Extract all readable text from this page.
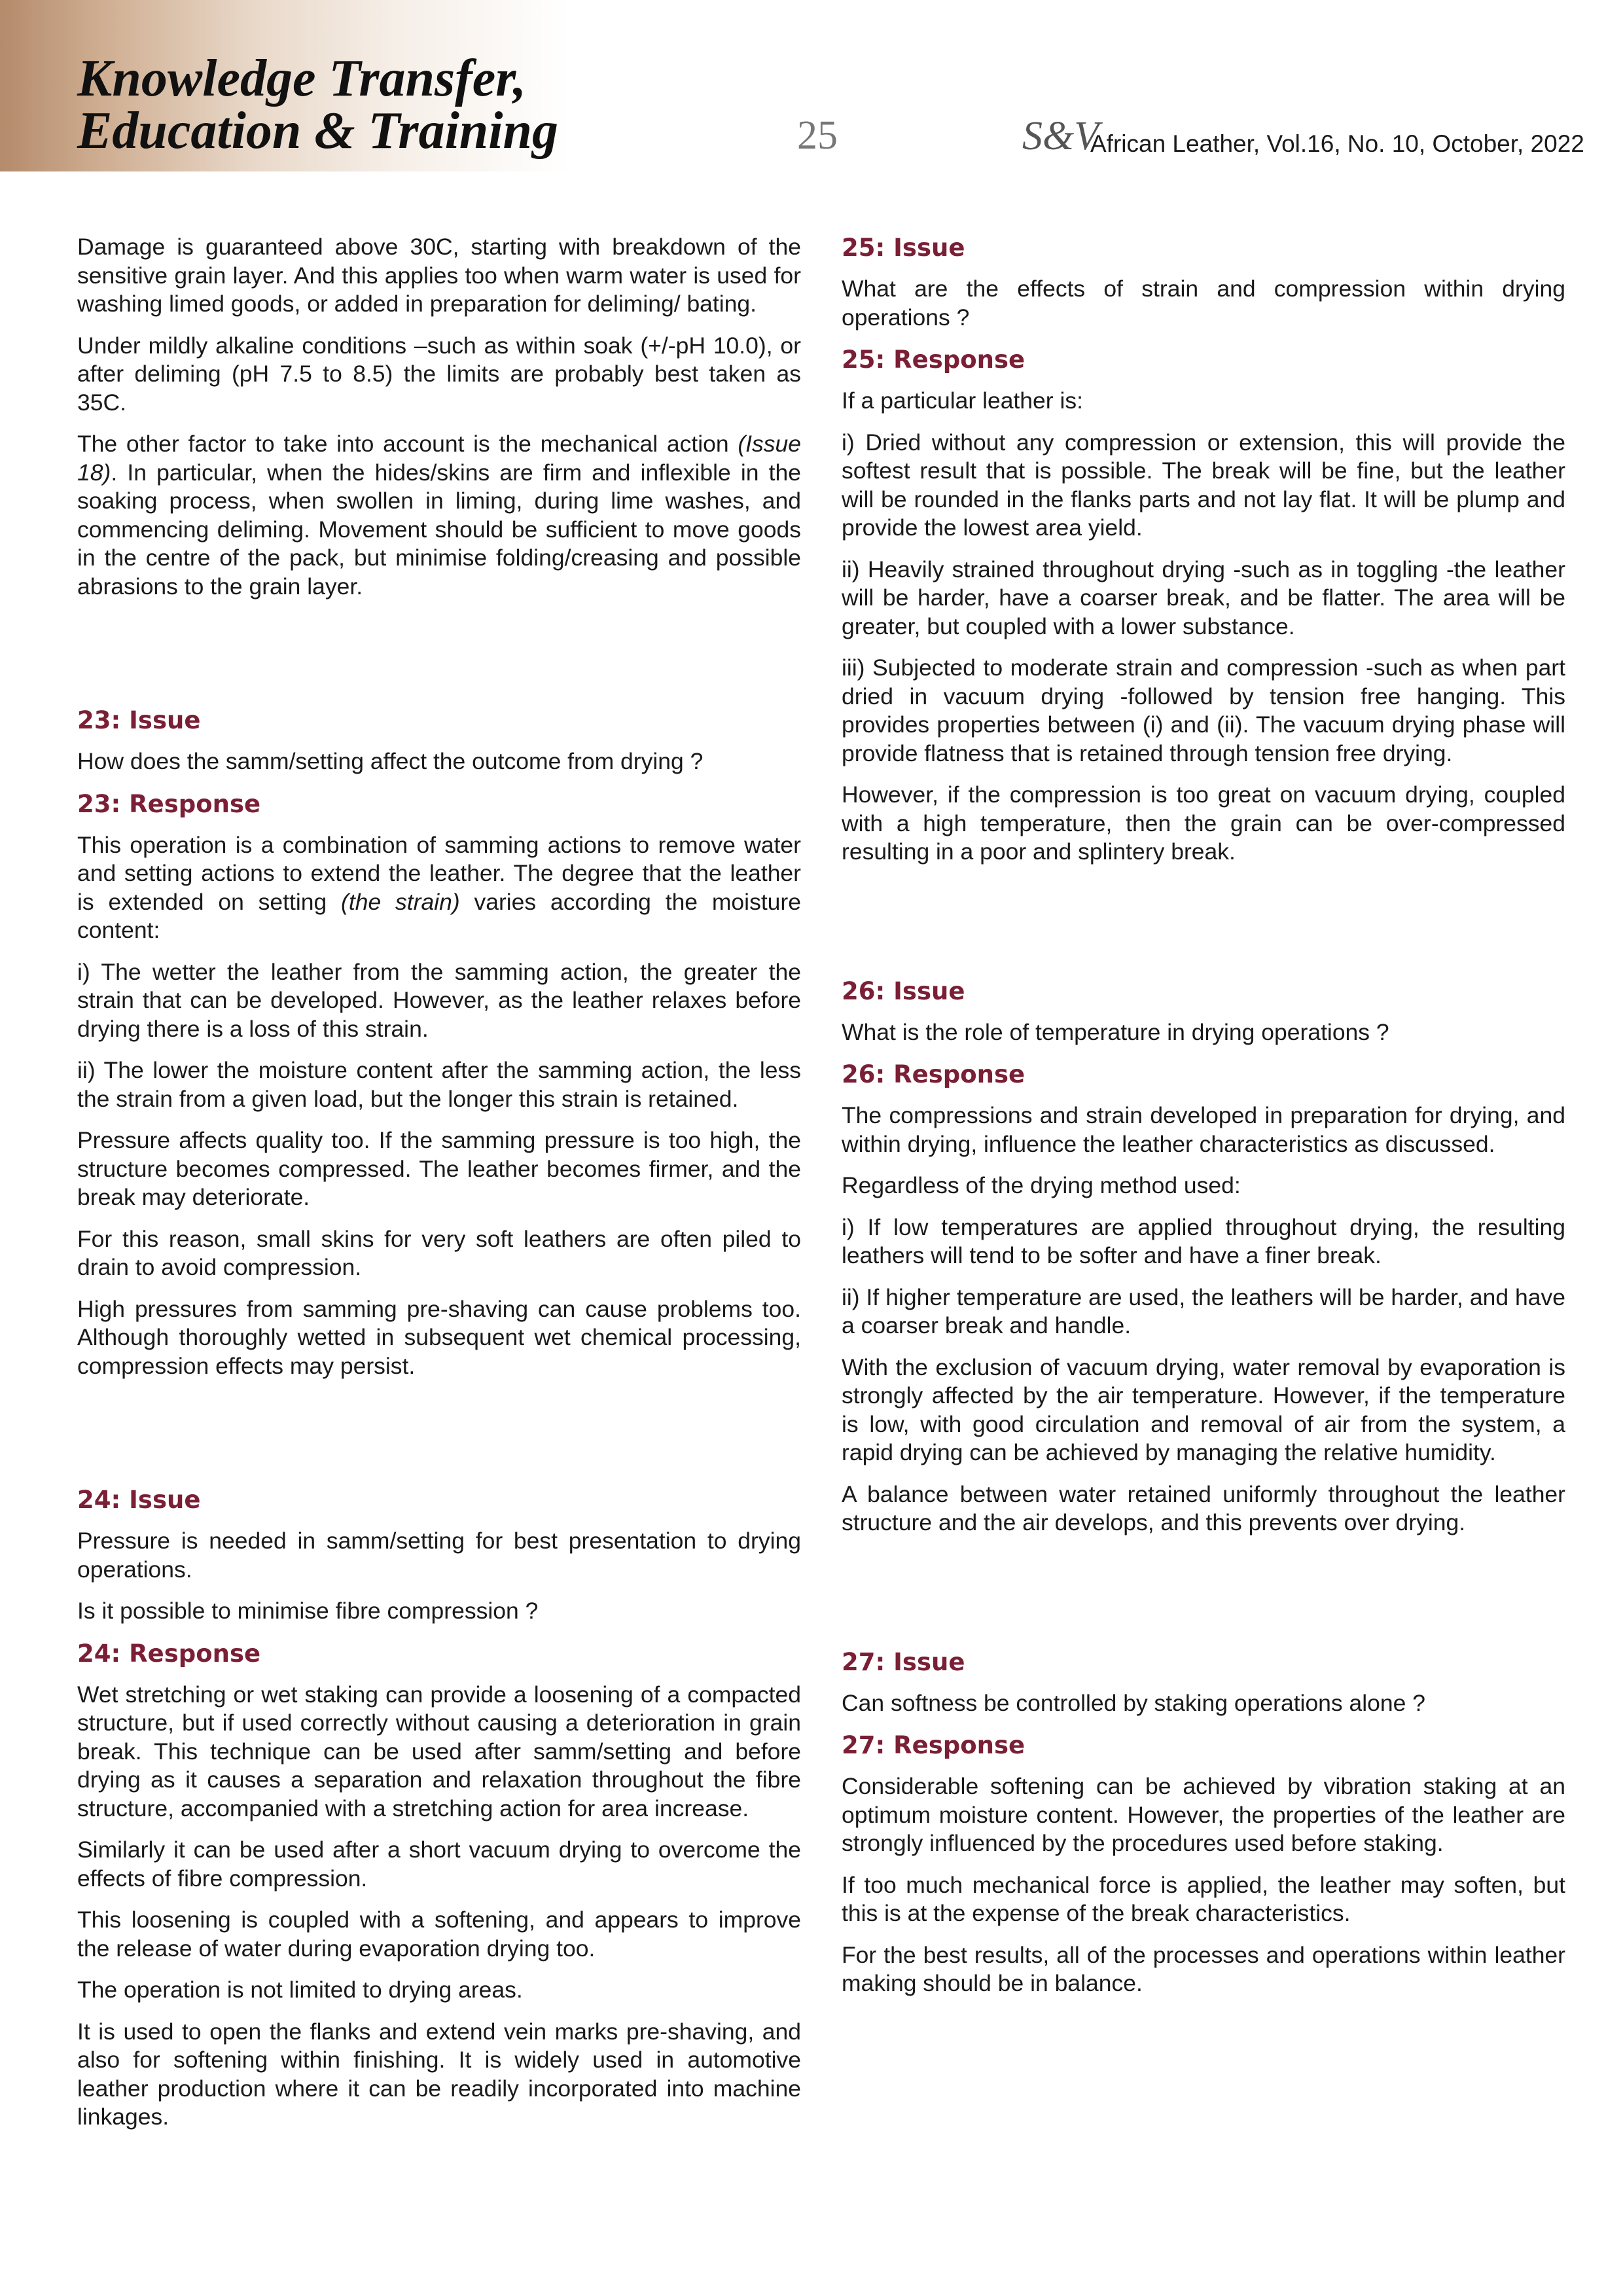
Knowledge Transfer,
Education & Training	25	S&V
African Leather, Vol.16, No. 10, October, 2022

Damage is guaranteed above 30C, starting with breakdown of the sensitive grain layer. And this applies too when warm water is used for washing limed goods, or added in preparation for deliming/ bating.

Under mildly alkaline conditions –such as within soak (+/-pH 10.0), or after deliming (pH 7.5 to 8.5) the limits are probably best taken as 35C.

The other factor to take into account is the mechanical action (Issue 18). In particular, when the hides/skins are firm and inflexible in the soaking process, when swollen in liming, during lime washes, and commencing deliming. Movement should be sufficient to move goods in the centre of the pack, but minimise folding/creasing and possible abrasions to the grain layer.

23: Issue

How does the samm/setting affect the outcome from drying ?

23: Response

This operation is a combination of samming actions to remove water and setting actions to extend the leather. The degree that the leather is extended on setting (the strain) varies according the moisture content:

i) The wetter the leather from the samming action, the greater the strain that can be developed. However, as the leather relaxes before drying there is a loss of this strain.

ii) The lower the moisture content after the samming action, the less the strain from a given load, but the longer this strain is retained.

Pressure affects quality too. If the samming pressure is too high, the structure becomes compressed. The leather becomes firmer, and the break may deteriorate.

For this reason, small skins for very soft leathers are often piled to drain to avoid compression.

High pressures from samming pre-shaving can cause problems too. Although thoroughly wetted in subsequent wet chemical processing, compression effects may persist.

24: Issue

Pressure is needed in samm/setting for best presentation to drying operations.

Is it possible to minimise fibre compression ?

24: Response

Wet stretching or wet staking can provide a loosening of a compacted structure, but if used correctly without causing a deterioration in grain break. This technique can be used after samm/setting and before drying as it causes a separation and relaxation throughout the fibre structure, accompanied with a stretching action for area increase.

Similarly it can be used after a short vacuum drying to overcome the effects of fibre compression.

This loosening is coupled with a softening, and appears to improve the release of water during evaporation drying too.

The operation is not limited to drying areas.

It is used to open the flanks and extend vein marks pre-shaving, and also for softening within finishing. It is widely used in automotive leather production where it can be readily incorporated into machine linkages.

25: Issue

What are the effects of strain and compression within drying operations ?

25: Response

If a particular leather is:

i) Dried without any compression or extension, this will provide the softest result that is possible. The break will be fine, but the leather will be rounded in the flanks parts and not lay flat. It will be plump and provide the lowest area yield.

ii) Heavily strained throughout drying -such as in toggling -the leather will be harder, have a coarser break, and be flatter. The area will be greater, but coupled with a lower substance.

iii) Subjected to moderate strain and compression -such as when part dried in vacuum drying -followed by tension free hanging. This provides properties between (i) and (ii). The vacuum drying phase will provide flatness that is retained through tension free drying.

However, if the compression is too great on vacuum drying, coupled with a high temperature, then the grain can be over-compressed resulting in a poor and splintery break.

26: Issue

What is the role of temperature in drying operations ?

26: Response

The compressions and strain developed in preparation for drying, and within drying, influence the leather characteristics as discussed.

Regardless of the drying method used:

i) If low temperatures are applied throughout drying, the resulting leathers will tend to be softer and have a finer break.

ii) If higher temperature are used, the leathers will be harder, and have a coarser break and handle.

With the exclusion of vacuum drying, water removal by evaporation is strongly affected by the air temperature. However, if the temperature is low, with good circulation and removal of air from the system, a rapid drying can be achieved by managing the relative humidity.

A balance between water retained uniformly throughout the leather structure and the air develops, and this prevents over drying.

27: Issue

Can softness be controlled by staking operations alone ?

27: Response

Considerable softening can be achieved by vibration staking at an optimum moisture content. However, the properties of the leather are strongly influenced by the procedures used before staking.

If too much mechanical force is applied, the leather may soften, but this is at the expense of the break characteristics.

For the best results, all of the processes and operations within leather making should be in balance.
